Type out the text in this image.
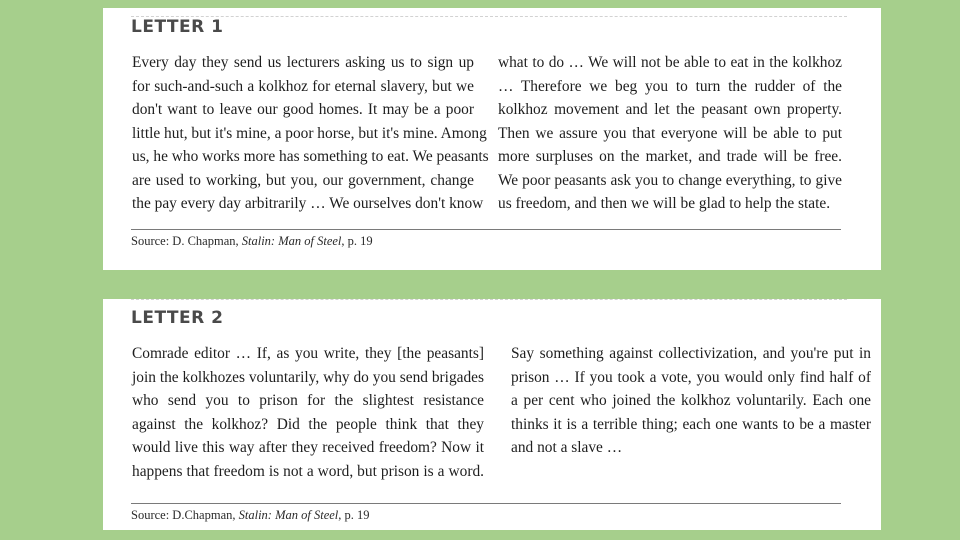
LETTER 1
Every day they send us lecturers asking us to sign up
for such-and-such a kolkhoz for eternal slavery, but we
don't want to leave our good homes. It may be a poor
little hut, but it's mine, a poor horse, but it's mine. Among
us, he who works more has something to eat. We peasants
are used to working, but you, our government, change
the pay every day arbitrarily … We ourselves don't know
what to do … We will not be able to eat in the kolkhoz
… Therefore we beg you to turn the rudder of the
kolkhoz movement and let the peasant own property.
Then we assure you that everyone will be able to put
more surpluses on the market, and trade will be free.
We poor peasants ask you to change everything, to give
us freedom, and then we will be glad to help the state.
Source: D. Chapman, Stalin: Man of Steel, p. 19
LETTER 2
Comrade editor … If, as you write, they [the peasants]
join the kolkhozes voluntarily, why do you send brigades
who send you to prison for the slightest resistance
against the kolkhoz? Did the people think that they
would live this way after they received freedom? Now it
happens that freedom is not a word, but prison is a word.
Say something against collectivization, and you're put in
prison … If you took a vote, you would only find half of
a per cent who joined the kolkhoz voluntarily. Each one
thinks it is a terrible thing; each one wants to be a master
and not a slave …
Source: D.Chapman, Stalin: Man of Steel, p. 19
